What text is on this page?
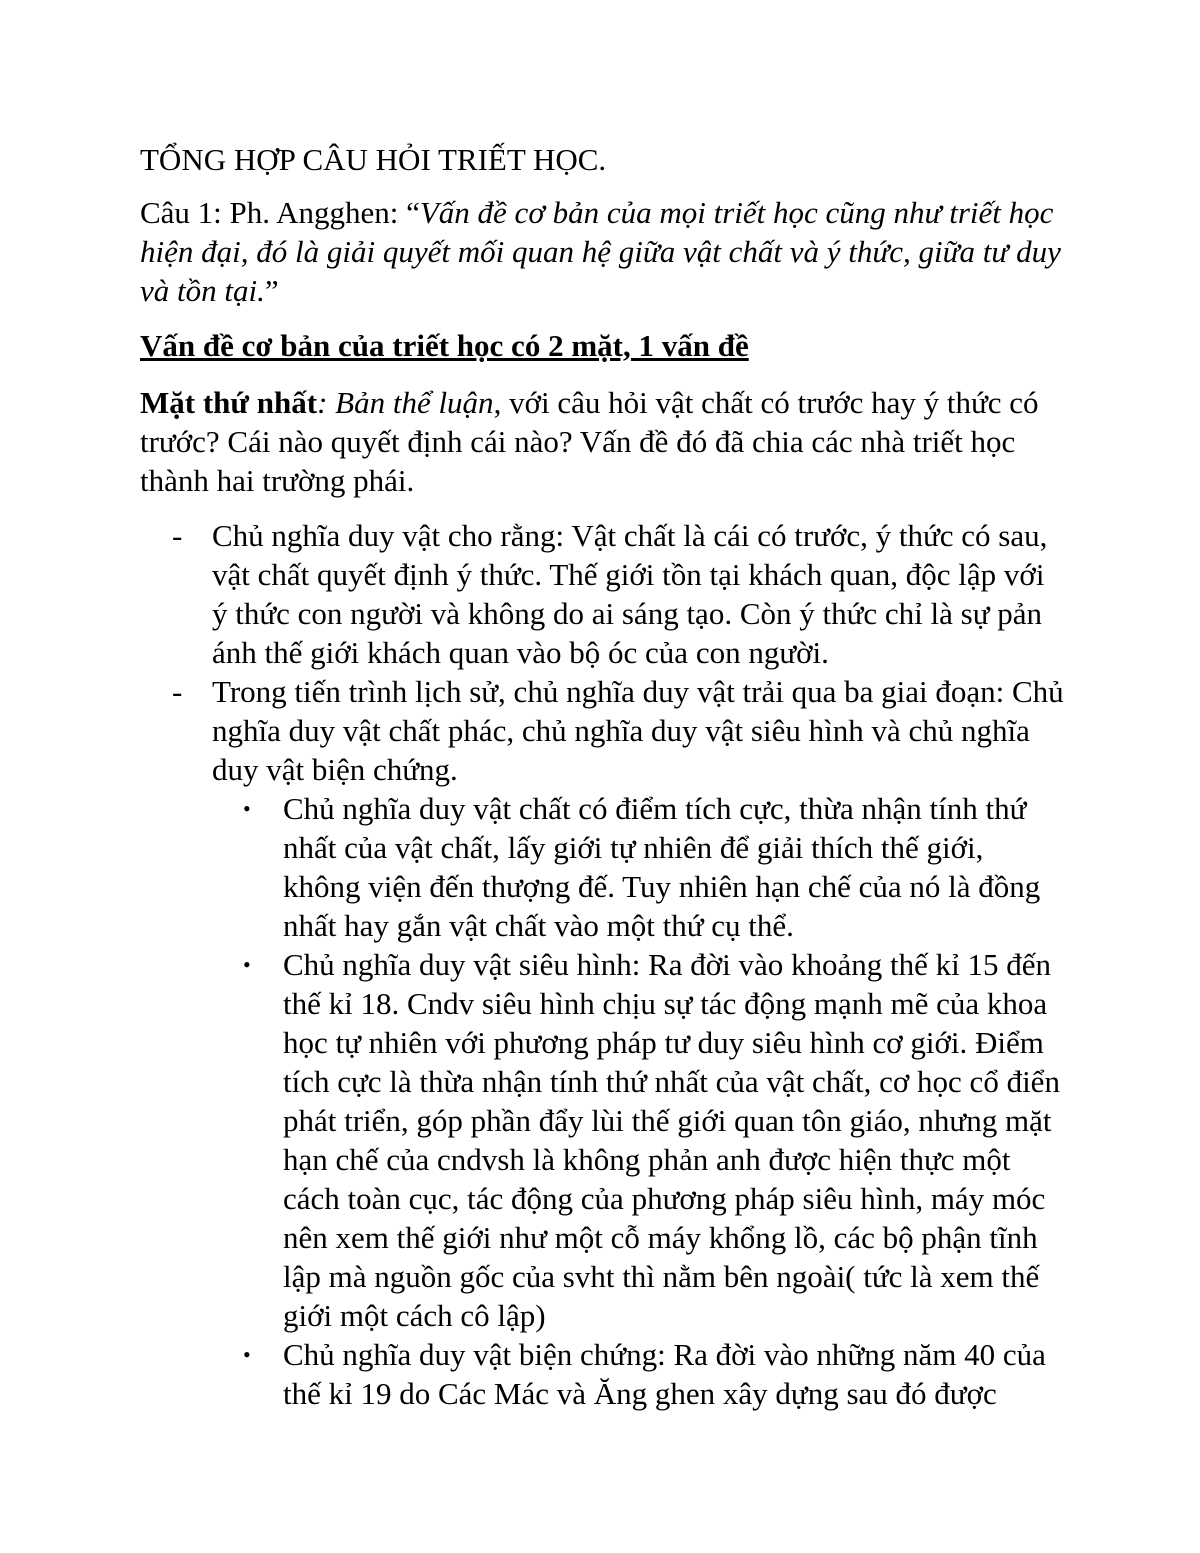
TỔNG HỢP CÂU HỎI TRIẾT HỌC.
Câu 1: Ph. Angghen: “Vấn đề cơ bản của mọi triết học cũng như triết học hiện đại, đó là giải quyết mối quan hệ giữa vật chất và ý thức, giữa tư duy và tồn tại.”
Vấn đề cơ bản của triết học có 2 mặt, 1 vấn đề
Mặt thứ nhất: Bản thể luận, với câu hỏi vật chất có trước hay ý thức có trước? Cái nào quyết định cái nào? Vấn đề đó đã chia các nhà triết học thành hai trường phái.
- Chủ nghĩa duy vật cho rằng: Vật chất là cái có trước, ý thức có sau, vật chất quyết định ý thức. Thế giới tồn tại khách quan, độc lập với ý thức con người và không do ai sáng tạo. Còn ý thức chỉ là sự pản ánh thế giới khách quan vào bộ óc của con người.
- Trong tiến trình lịch sử, chủ nghĩa duy vật trải qua ba giai đoạn: Chủ nghĩa duy vật chất phác, chủ nghĩa duy vật siêu hình và chủ nghĩa duy vật biện chứng.
• Chủ nghĩa duy vật chất có điểm tích cực, thừa nhận tính thứ nhất của vật chất, lấy giới tự nhiên để giải thích thế giới, không viện đến thượng đế. Tuy nhiên hạn chế của nó là đồng nhất hay gắn vật chất vào một thứ cụ thể.
• Chủ nghĩa duy vật siêu hình: Ra đời vào khoảng thế kỉ 15 đến thế kỉ 18. Cndv siêu hình chịu sự tác động mạnh mẽ của khoa học tự nhiên với phương pháp tư duy siêu hình cơ giới. Điểm tích cực là thừa nhận tính thứ nhất của vật chất, cơ học cổ điển phát triển, góp phần đẩy lùi thế giới quan tôn giáo, nhưng mặt hạn chế của cndvsh là không phản anh được hiện thực một cách toàn cục, tác động của phương pháp siêu hình, máy móc nên xem thế giới như một cỗ máy khổng lồ, các bộ phận tĩnh lập mà nguồn gốc của svht thì nằm bên ngoài( tức là xem thế giới một cách cô lập)
• Chủ nghĩa duy vật biện chứng: Ra đời vào những năm 40 của thế kỉ 19 do Các Mác và Ăng ghen xây dựng sau đó được
